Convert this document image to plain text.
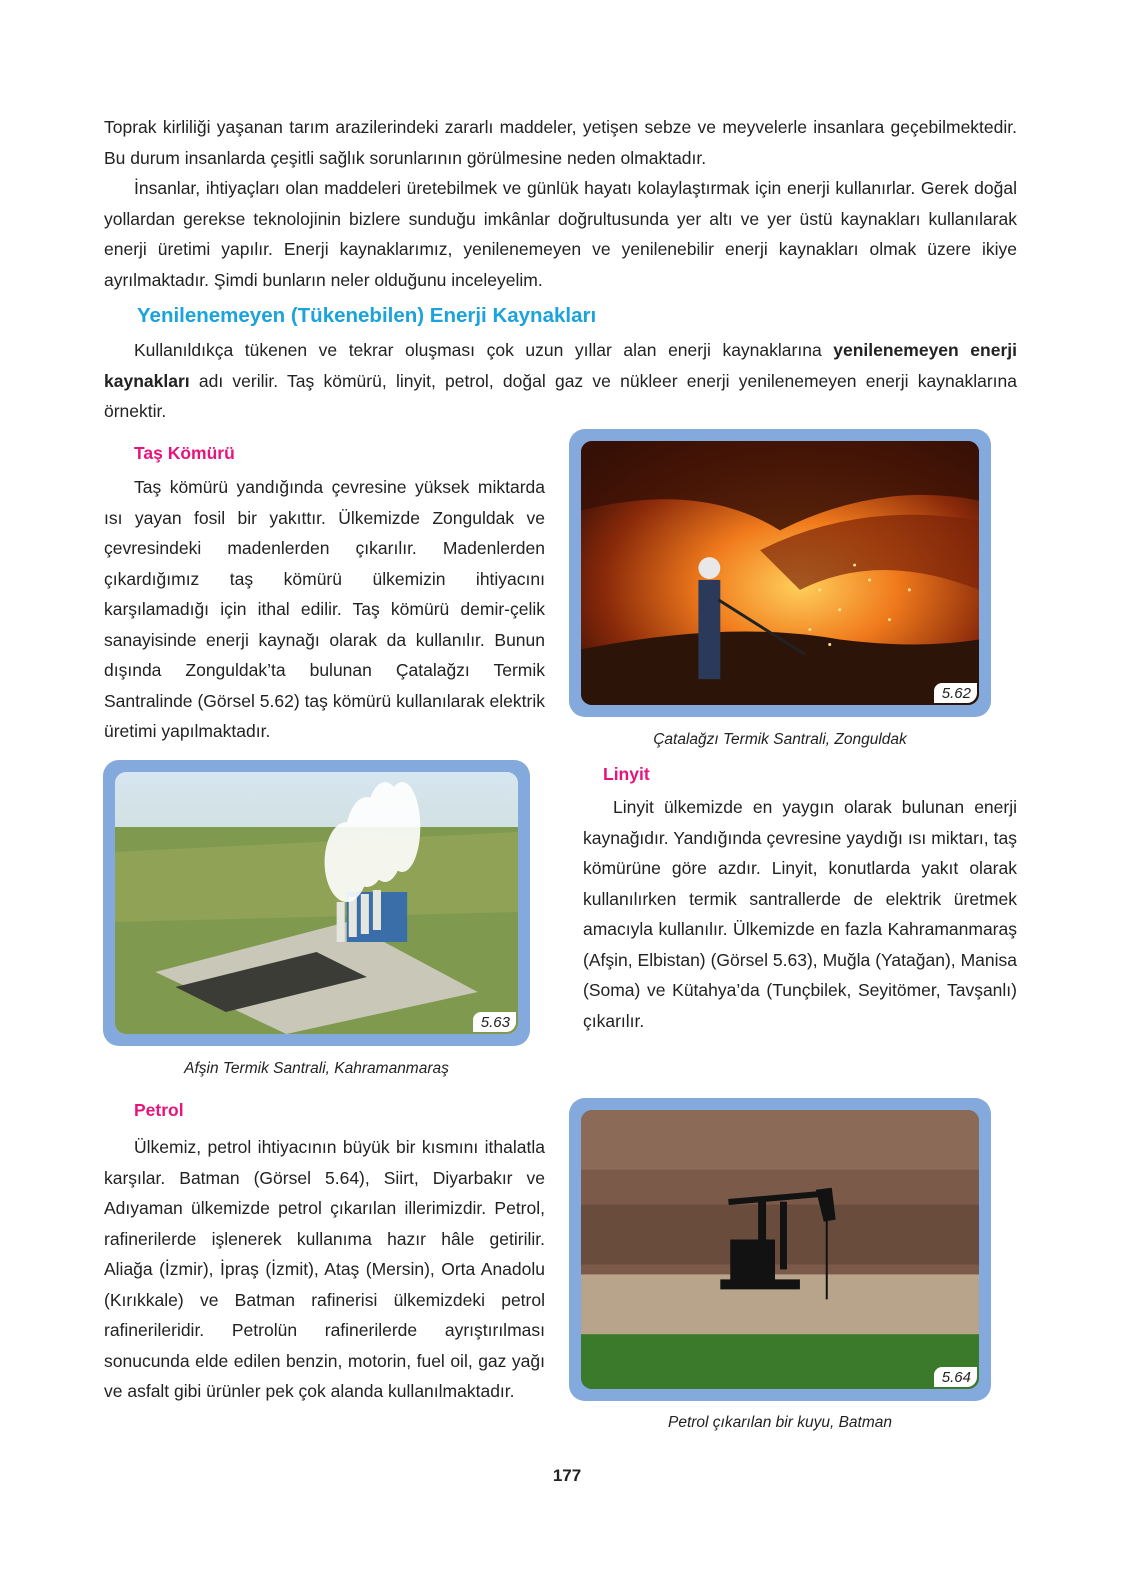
Toprak kirliliği yaşanan tarım arazilerindeki zararlı maddeler, yetişen sebze ve meyvelerle insanlara geçebilmektedir. Bu durum insanlarda çeşitli sağlık sorunlarının görülmesine neden olmaktadır.

İnsanlar, ihtiyaçları olan maddeleri üretebilmek ve günlük hayatı kolaylaştırmak için enerji kullanırlar. Gerek doğal yollardan gerekse teknolojinin bizlere sunduğu imkânlar doğrultusunda yer altı ve yer üstü kaynakları kullanılarak enerji üretimi yapılır. Enerji kaynaklarımız, yenilenemeyen ve yenilenebilir enerji kaynakları olmak üzere ikiye ayrılmaktadır. Şimdi bunların neler olduğunu inceleyelim.

Yenilenemeyen (Tükenebilen) Enerji Kaynakları

Kullanıldıkça tükenen ve tekrar oluşması çok uzun yıllar alan enerji kaynaklarına yenilenemeyen enerji kaynakları adı verilir. Taş kömürü, linyit, petrol, doğal gaz ve nükleer enerji yenilenemeyen enerji kaynaklarına örnektir.

Taş Kömürü

Taş kömürü yandığında çevresine yüksek miktarda ısı yayan fosil bir yakıttır. Ülkemizde Zonguldak ve çevresindeki madenlerden çıkarılır. Madenlerden çıkardığımız taş kömürü ülkemizin ihtiyacını karşılamadığı için ithal edilir. Taş kömürü demir-çelik sanayisinde enerji kaynağı olarak da kullanılır. Bunun dışında Zonguldak’ta bulunan Çatalağzı Termik Santralinde (Görsel 5.62) taş kömürü kullanılarak elektrik üretimi yapılmaktadır.

5.62

Çatalağzı Termik Santrali, Zonguldak

5.63

Afşin Termik Santrali, Kahramanmaraş

Linyit

Linyit ülkemizde en yaygın olarak bulunan enerji kaynağıdır. Yandığında çevresine yaydığı ısı miktarı, taş kömürüne göre azdır. Linyit, konutlarda yakıt olarak kullanılırken termik santrallerde de elektrik üretmek amacıyla kullanılır. Ülkemizde en fazla Kahramanmaraş (Afşin, Elbistan) (Görsel 5.63), Muğla (Yatağan), Manisa (Soma) ve Kütahya’da (Tunçbilek, Seyitömer, Tavşanlı) çıkarılır.

Petrol

Ülkemiz, petrol ihtiyacının büyük bir kısmını ithalatla karşılar. Batman (Görsel 5.64), Siirt, Diyarbakır ve Adıyaman ülkemizde petrol çıkarılan illerimizdir. Petrol, rafinerilerde işlenerek kullanıma hazır hâle getirilir. Aliağa (İzmir), İpraş (İzmit), Ataş (Mersin), Orta Anadolu (Kırıkkale) ve Batman rafinerisi ülkemizdeki petrol rafinerileridir. Petrolün rafinerilerde ayrıştırılması sonucunda elde edilen benzin, motorin, fuel oil, gaz yağı ve asfalt gibi ürünler pek çok alanda kullanılmaktadır.

5.64

Petrol çıkarılan bir kuyu, Batman

177
